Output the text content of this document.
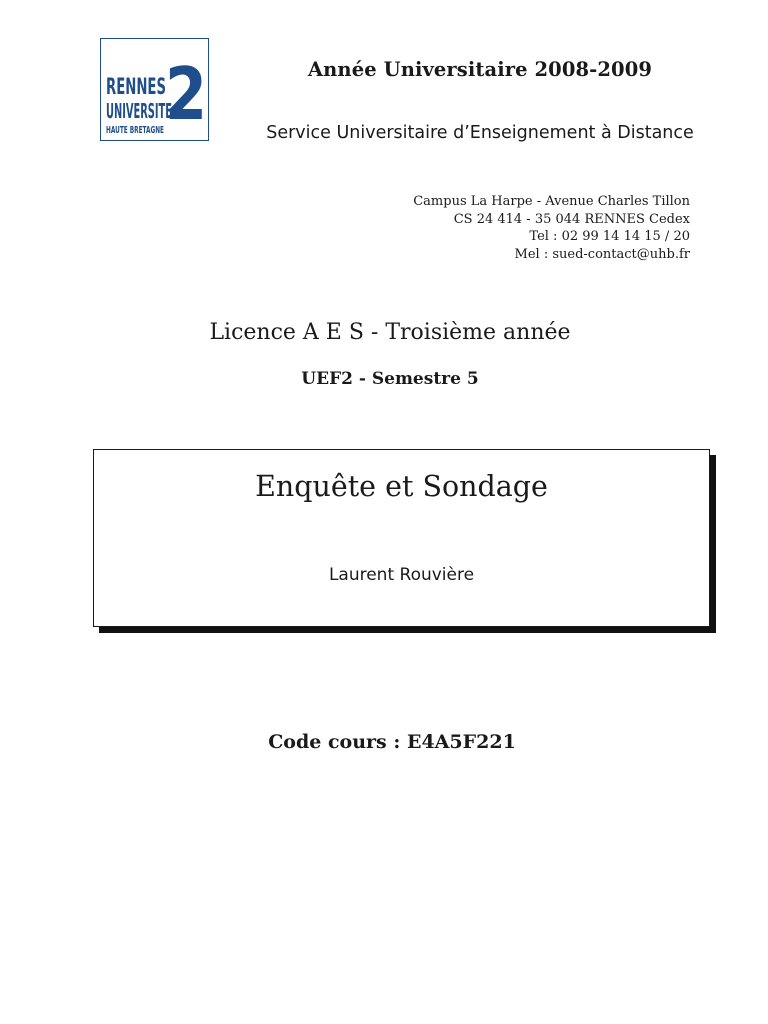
RENNES
UNIVERSITE
HAUTE BRETAGNE 2	Année Universitaire 2008-2009
Service Universitaire d’Enseignement à Distance
Campus La Harpe - Avenue Charles Tillon
CS 24 414 - 35 044 RENNES Cedex
Tel : 02 99 14 14 15 / 20
Mel : sued-contact@uhb.fr
Licence A E S - Troisième année
UEF2 - Semestre 5
Enquête et Sondage
Laurent Rouvière
Code cours : E4A5F221
